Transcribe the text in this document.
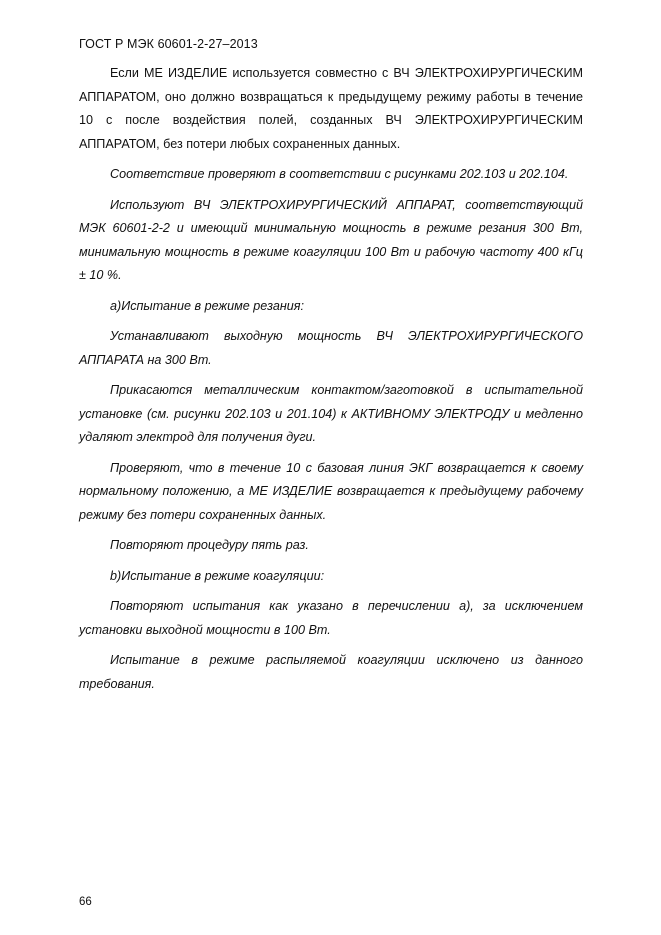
ГОСТ Р МЭК 60601-2-27–2013

Если МЕ ИЗДЕЛИЕ используется совместно с ВЧ ЭЛЕКТРОХИРУРГИЧЕСКИМ АППАРАТОМ, оно должно возвращаться к предыдущему режиму работы в течение 10 с после воздействия полей, созданных ВЧ ЭЛЕКТРОХИРУРГИЧЕСКИМ АППАРАТОМ, без потери любых сохраненных данных.

Соответствие проверяют в соответствии с рисунками 202.103 и 202.104.

Используют ВЧ ЭЛЕКТРОХИРУРГИЧЕСКИЙ АППАРАТ, соответствующий МЭК 60601-2-2 и имеющий минимальную мощность в режиме резания 300 Вт, минимальную мощность в режиме коагуляции 100 Вт и рабочую частоту 400 кГц ± 10 %.

a)Испытание в режиме резания:

Устанавливают выходную мощность ВЧ ЭЛЕКТРОХИРУРГИЧЕСКОГО АППАРАТА на 300 Вт.

Прикасаются металлическим контактом/заготовкой в испытательной установке (см. рисунки 202.103 и 201.104) к АКТИВНОМУ ЭЛЕКТРОДУ и медленно удаляют электрод для получения дуги.

Проверяют, что в течение 10 с базовая линия ЭКГ возвращается к своему нормальному положению, а МЕ ИЗДЕЛИЕ возвращается к предыдущему рабочему режиму без потери сохраненных данных.

Повторяют процедуру пять раз.

b)Испытание в режиме коагуляции:

Повторяют испытания как указано в перечислении a), за исключением установки выходной мощности в 100 Вт.

Испытание в режиме распыляемой коагуляции исключено из данного требования.

66
